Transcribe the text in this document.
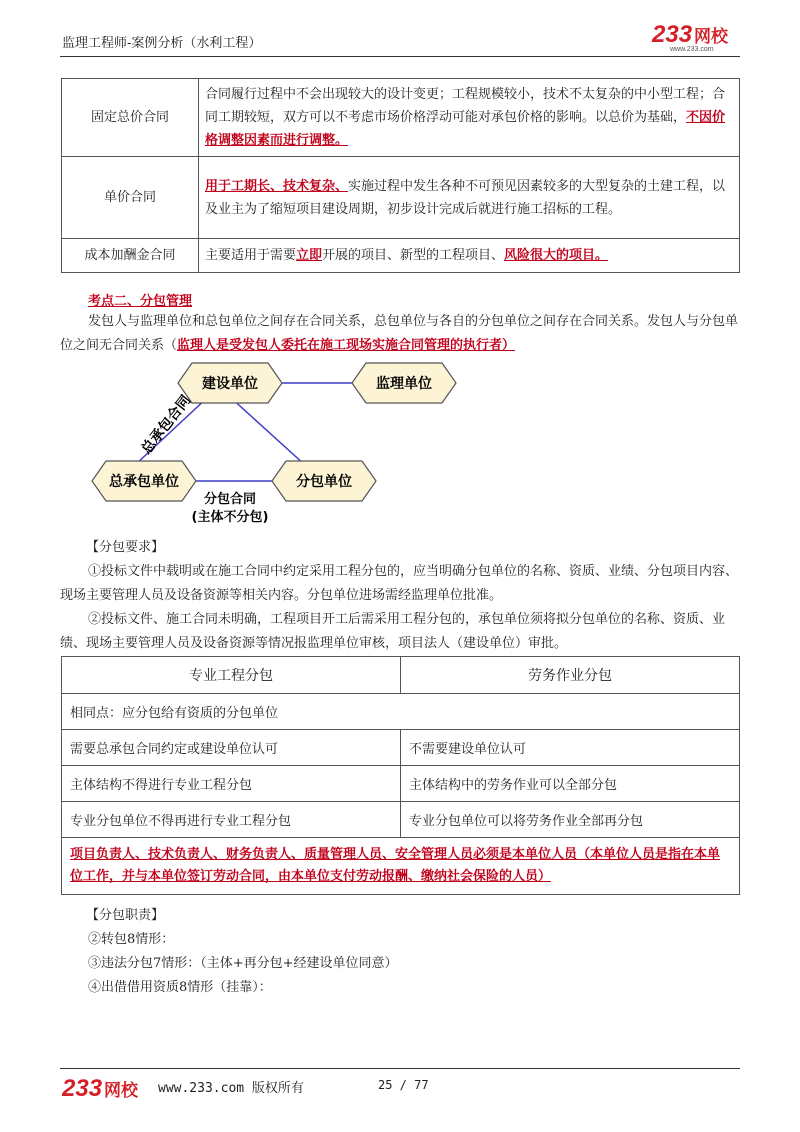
监理工程师-案例分析（水利工程）	233 网校
www.233.com
固定总价合同	合同履行过程中不会出现较大的设计变更；工程规模较小，技术不太复杂的中小型工程；合同工期较短，双方可以不考虑市场价格浮动可能对承包价格的影响。以总价为基础，不因价格调整因素而进行调整。
单价合同	用于工期长、技术复杂、实施过程中发生各种不可预见因素较多的大型复杂的土建工程，以及业主为了缩短项目建设周期，初步设计完成后就进行施工招标的工程。
成本加酬金合同	主要适用于需要立即开展的项目、新型的工程项目、风险很大的项目。
考点二、分包管理
发包人与监理单位和总包单位之间存在合同关系，总包单位与各自的分包单位之间存在合同关系。发包人与分包单位之间无合同关系（监理人是受发包人委托在施工现场实施合同管理的执行者）
建设单位	监理单位
总承包单位	分包单位
总承包合同
分包合同
(主体不分包)
【分包要求】
①投标文件中载明或在施工合同中约定采用工程分包的，应当明确分包单位的名称、资质、业绩、分包项目内容、现场主要管理人员及设备资源等相关内容。分包单位进场需经监理单位批准。
②投标文件、施工合同未明确，工程项目开工后需采用工程分包的，承包单位须将拟分包单位的名称、资质、业绩、现场主要管理人员及设备资源等情况报监理单位审核，项目法人（建设单位）审批。
专业工程分包	劳务作业分包
相同点：应分包给有资质的分包单位	
需要总承包合同约定或建设单位认可	不需要建设单位认可
主体结构不得进行专业工程分包	主体结构中的劳务作业可以全部分包
专业分包单位不得再进行专业工程分包	专业分包单位可以将劳务作业全部再分包
项目负责人、技术负责人、财务负责人、质量管理人员、安全管理人员必须是本单位人员（本单位人员是指在本单位工作，并与本单位签订劳动合同，由本单位支付劳动报酬、缴纳社会保险的人员）	
【分包职责】
②转包8情形：
③违法分包7情形：（主体+再分包+经建设单位同意）
④出借借用资质8情形（挂靠）：
233 网校 www.233.com 版权所有	25 / 77
